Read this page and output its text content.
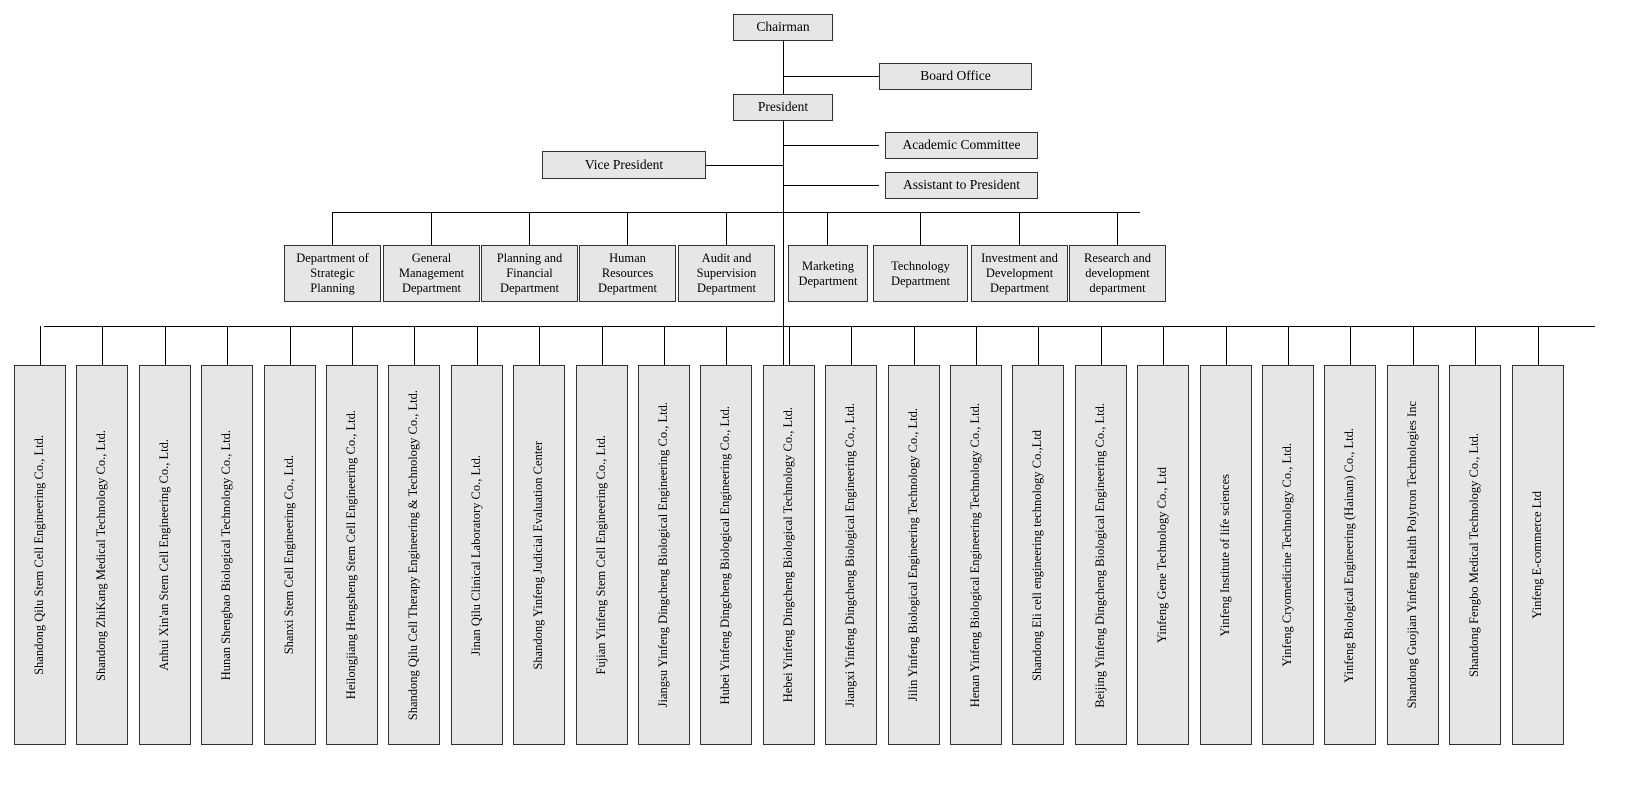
Chairman
Board Office
President
Academic Committee
Vice President
Assistant to President
Department of Strategic Planning
General Management Department
Planning and Financial Department
Human Resources Department
Audit and Supervision Department
Marketing Department
Technology Department
Investment and Development Department
Research and development department
Shandong Qilu Stem Cell Engineering Co., Ltd.	Shandong ZhiKang Medical Technology Co., Ltd.	Anhui Xin'an Stem Cell Engineering Co., Ltd.	Hunan Shengbao Biological Technology Co., Ltd.	Shanxi Stem Cell Engineering Co., Ltd.	Heilongjiang Hengsheng Stem Cell Engineering Co., Ltd.	Shandong Qilu Cell Therapy Engineering & Technology Co., Ltd.	Jinan Qilu Clinical Laboratory Co., Ltd.	Shandong Yinfeng Judicial Evaluation Center	Fujian Yinfeng Stem Cell Engineering Co., Ltd.	Jiangsu Yinfeng Dingcheng Biological Engineering Co., Ltd.	Hubei Yinfeng Dingcheng Biological Engineering Co., Ltd.	Hebei Yinfeng Dingcheng Biological Technology Co., Ltd.	Jiangxi Yinfeng Dingcheng Biological Engineering Co., Ltd.	Jilin Yinfeng Biological Engineering Technology Co., Ltd.	Henan Yinfeng Biological Engineering Technology Co., Ltd.	Shandong Eli cell engineering technology Co.,Ltd	Beijing Yinfeng Dingcheng Biological Engineering Co., Ltd.	Yinfeng Gene Technology Co., Ltd	Yinfeng Institute of life sciences	Yinfeng Cryomedicine Technology Co., Ltd.	Yinfeng Biological Engineering (Hainan) Co., Ltd.	Shandong Guojian Yinfeng Health Polytron Technologies Inc	Shandong Fengbo Medical Technology Co., Ltd.	Yinfeng E-commerce Ltd
